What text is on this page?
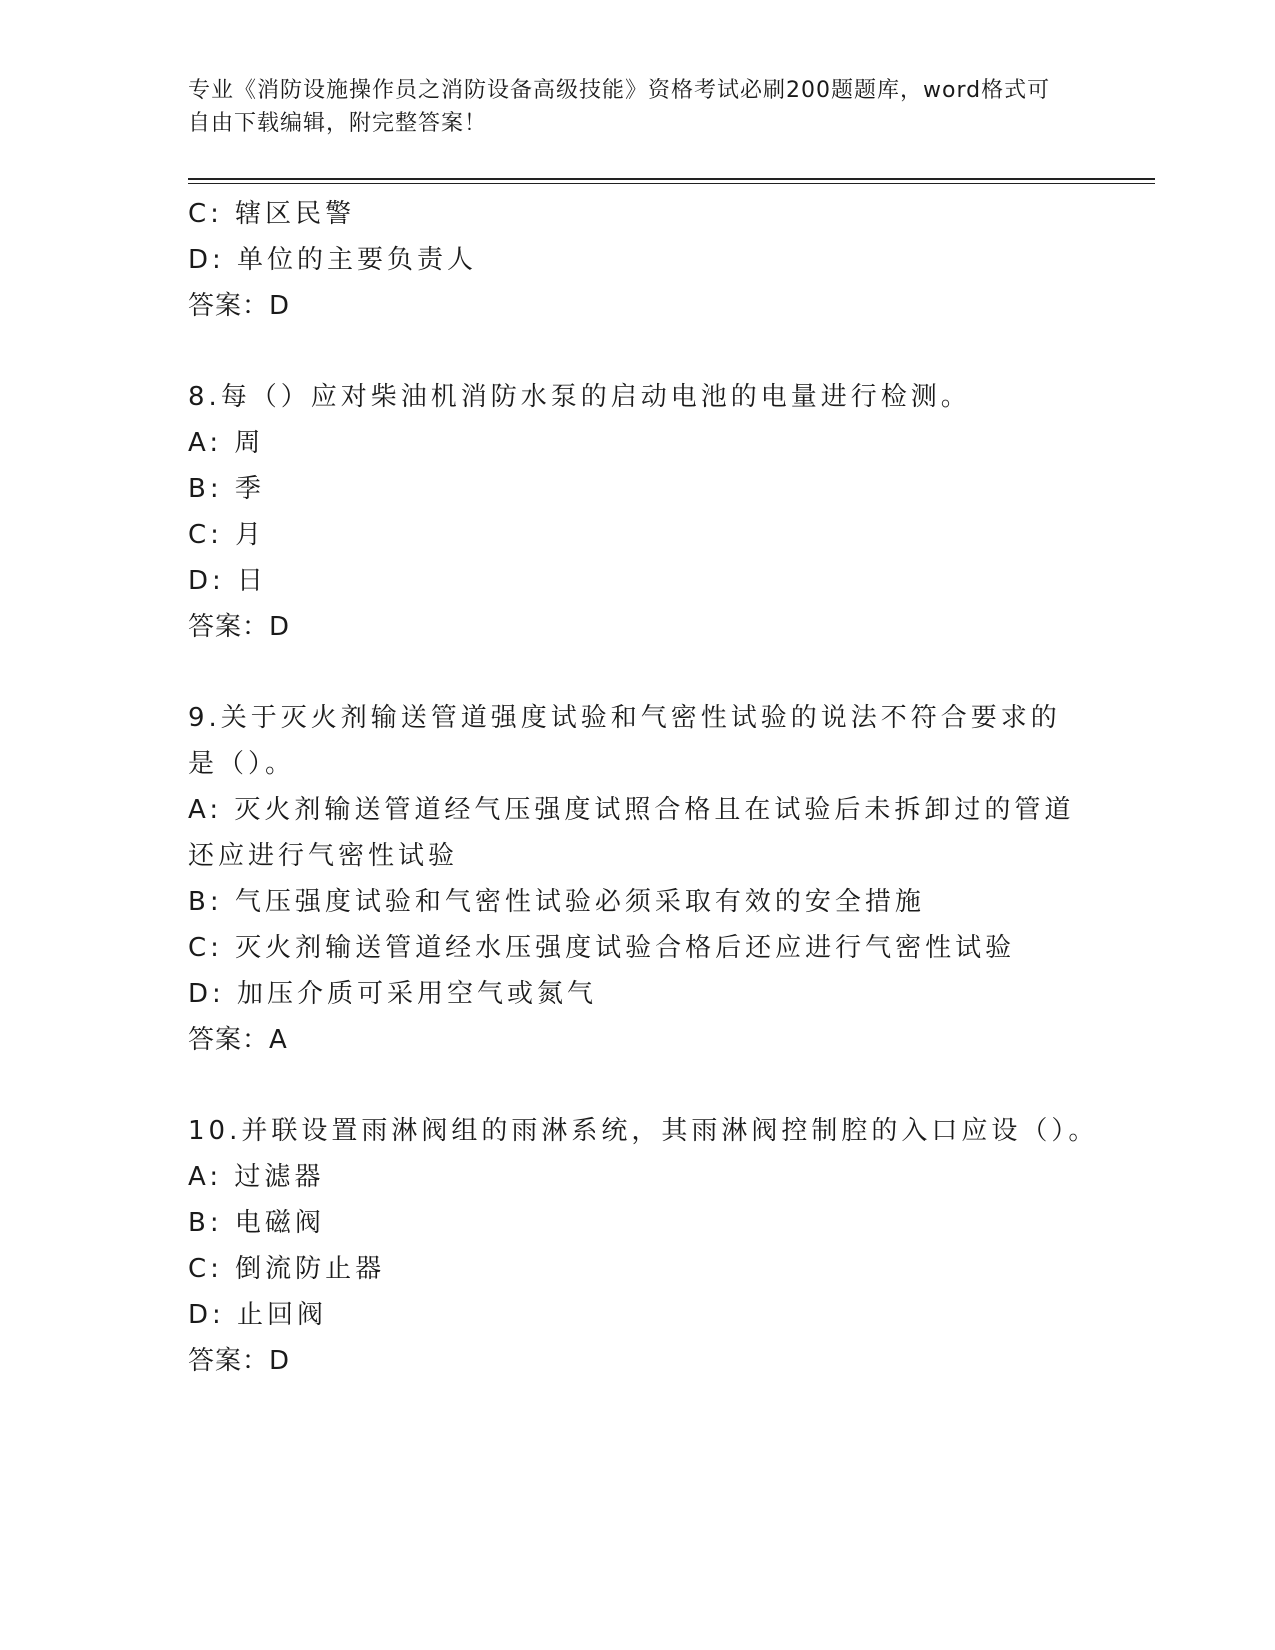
专业《消防设施操作员之消防设备高级技能》资格考试必刷200题题库，word格式可自由下载编辑，附完整答案！

C: 辖区民警

D: 单位的主要负责人

答案：D

8.每（）应对柴油机消防水泵的启动电池的电量进行检测。

A: 周

B: 季

C: 月

D: 日

答案：D

9.关于灭火剂输送管道强度试验和气密性试验的说法不符合要求的是（）。

A: 灭火剂输送管道经气压强度试照合格且在试验后未拆卸过的管道还应进行气密性试验

B: 气压强度试验和气密性试验必须采取有效的安全措施

C: 灭火剂输送管道经水压强度试验合格后还应进行气密性试验

D: 加压介质可采用空气或氮气

答案：A

10.并联设置雨淋阀组的雨淋系统，其雨淋阀控制腔的入口应设（）。

A: 过滤器

B: 电磁阀

C: 倒流防止器

D: 止回阀

答案：D
